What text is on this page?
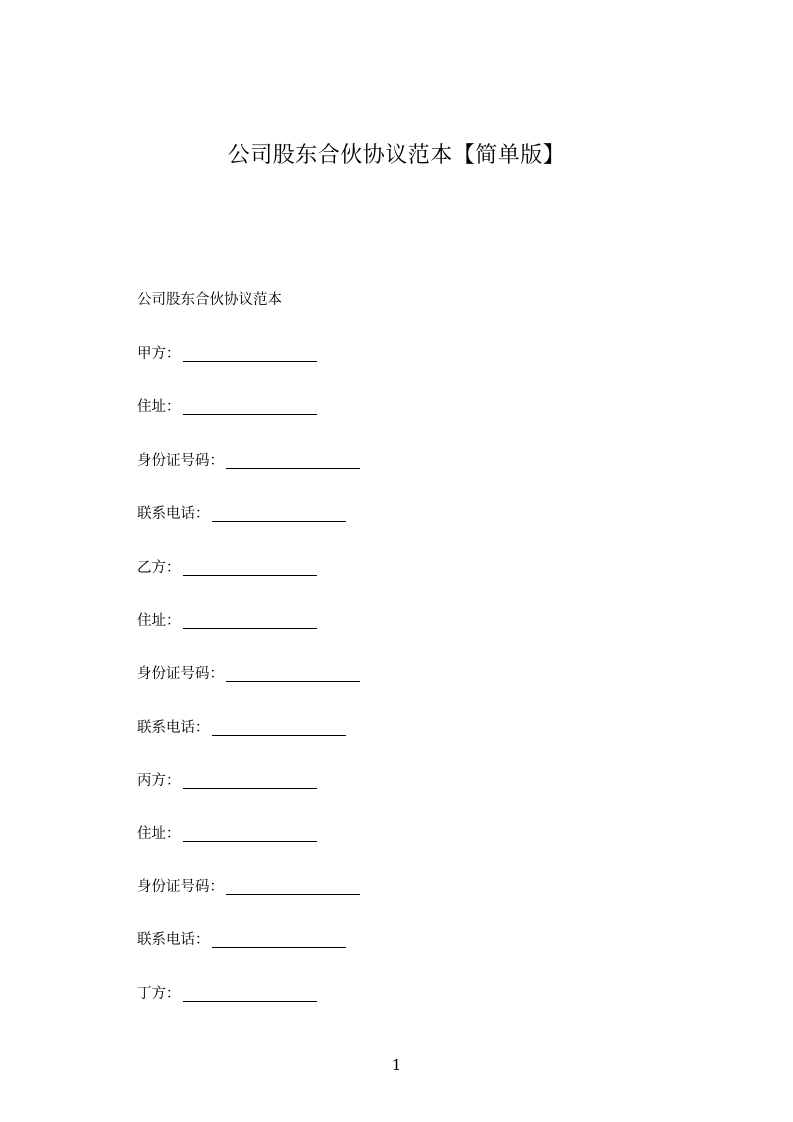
公司股东合伙协议范本【简单版】

公司股东合伙协议范本

甲方：
住址：
身份证号码：
联系电话：
乙方：
住址：
身份证号码：
联系电话：
丙方：
住址：
身份证号码：
联系电话：
丁方：
1
